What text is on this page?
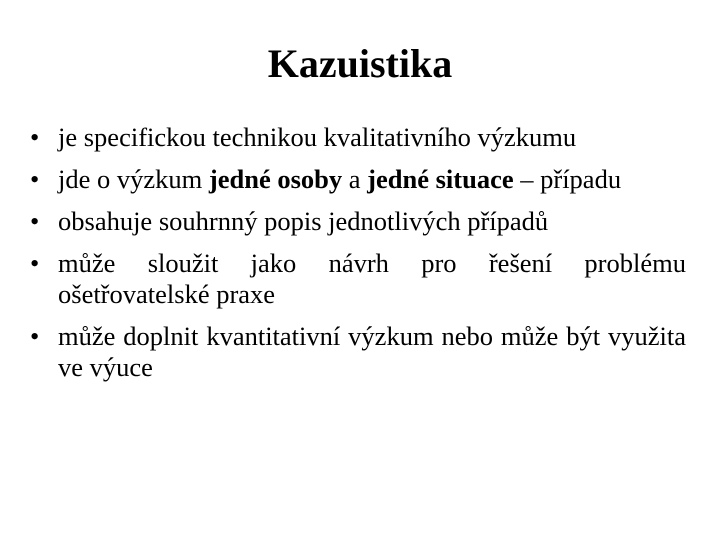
Kazuistika
• je specifickou technikou kvalitativního výzkumu
• jde o výzkum jedné osoby a jedné situace – případu
• obsahuje souhrnný popis jednotlivých případů
• může sloužit jako návrh pro řešení problému ošetřovatelské praxe
• může doplnit kvantitativní výzkum nebo může být využita ve výuce
